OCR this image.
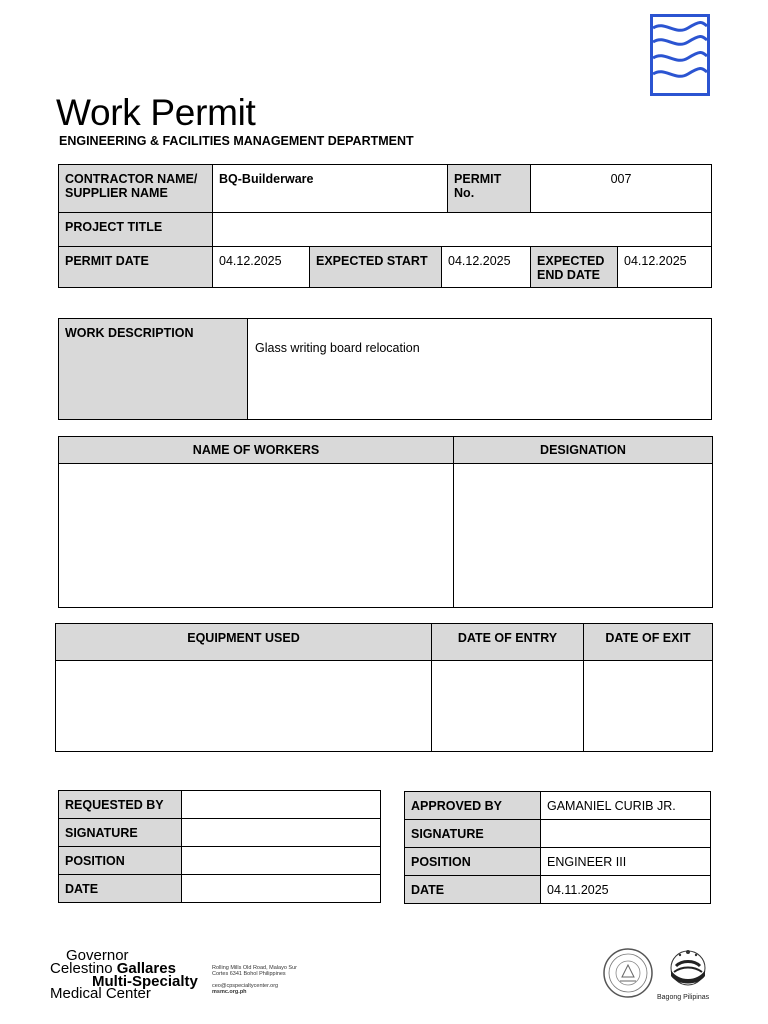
Work Permit
ENGINEERING & FACILITIES MANAGEMENT DEPARTMENT
CONTRACTOR NAME/ SUPPLIER NAME	BQ-Builderware			PERMIT No.	007	
PROJECT TITLE						
PERMIT DATE	04.12.2025	EXPECTED START	04.12.2025		EXPECTED END DATE	04.12.2025
WORK DESCRIPTION	Glass writing board relocation
NAME OF WORKERS	DESIGNATION

EQUIPMENT USED	DATE OF ENTRY	DATE OF EXIT

REQUESTED BY	
SIGNATURE	
POSITION	
DATE	
APPROVED BY	GAMANIEL CURIB JR.
SIGNATURE	
POSITION	ENGINEER III
DATE	04.11.2025
Governor
Celestino Gallares
Multi-Specialty
Medical Center
Rolling Mills Old Road, Malayo Sur
Cortes 6341 Bohol Philippines
ceo@cpspecialtycenter.org
msmc.org.ph
Bagong Pilipinas
